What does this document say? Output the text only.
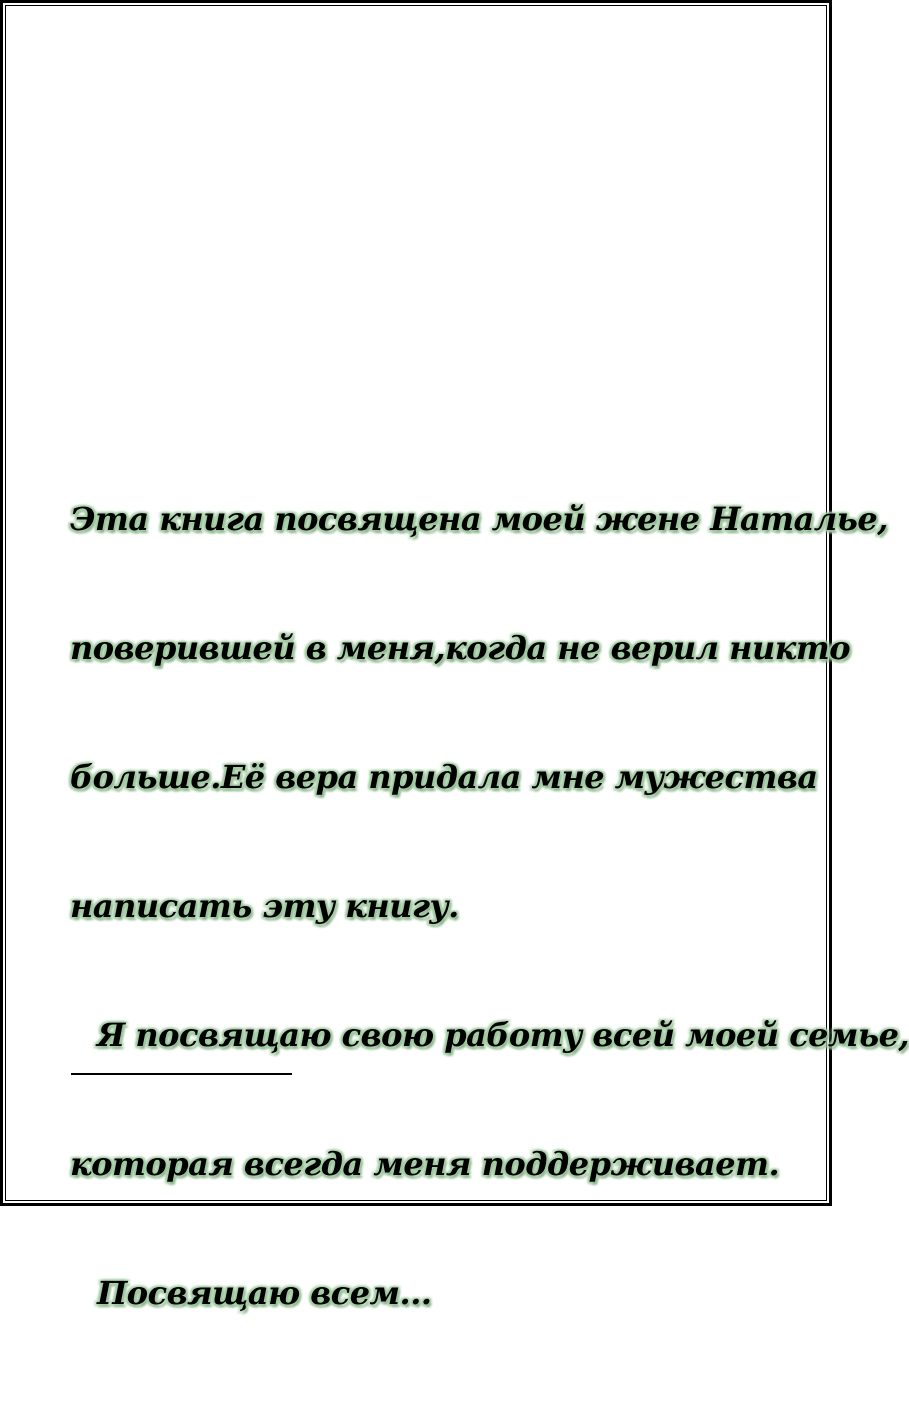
Эта книга посвящена моей жене Наталье,

поверившей в меня,когда не верил никто

больше.Её вера придала мне мужества

написать эту книгу.

Я посвящаю свою работу всей моей семье,

которая всегда меня поддерживает.

Посвящаю всем...
